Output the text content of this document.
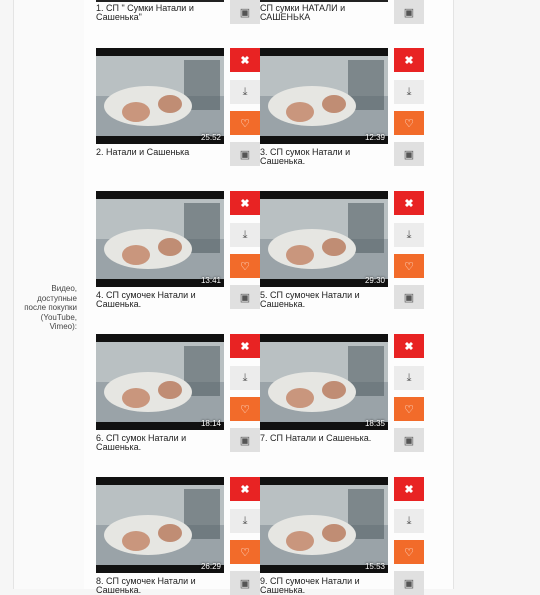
Видео,
доступные
после покупки
(YouTube,
Vimeo):
1. СП " Сумки Натали и Сашенька"	▣ СП сумки НАТАЛИ и САШЕНЬКА	▣
25:52
2. Натали и Сашенька
✖
⤓
♡
▣
12:39
3. СП сумок Натали и Сашенька.
✖
⤓
♡
▣
13:41
4. СП сумочек Натали и Сашенька.
✖
⤓
♡
▣
29:30
5. СП сумочек Натали и Сашенька.
✖
⤓
♡
▣
18:14
6. СП сумок Натали и Сашенька.
✖
⤓
♡
▣
18:35
7. СП Натали и Сашенька.
✖
⤓
♡
▣
26:29
8. СП сумочек Натали и Сашенька.
✖
⤓
♡
▣
15:53
9. СП сумочек Натали и Сашенька.
✖
⤓
♡
▣
